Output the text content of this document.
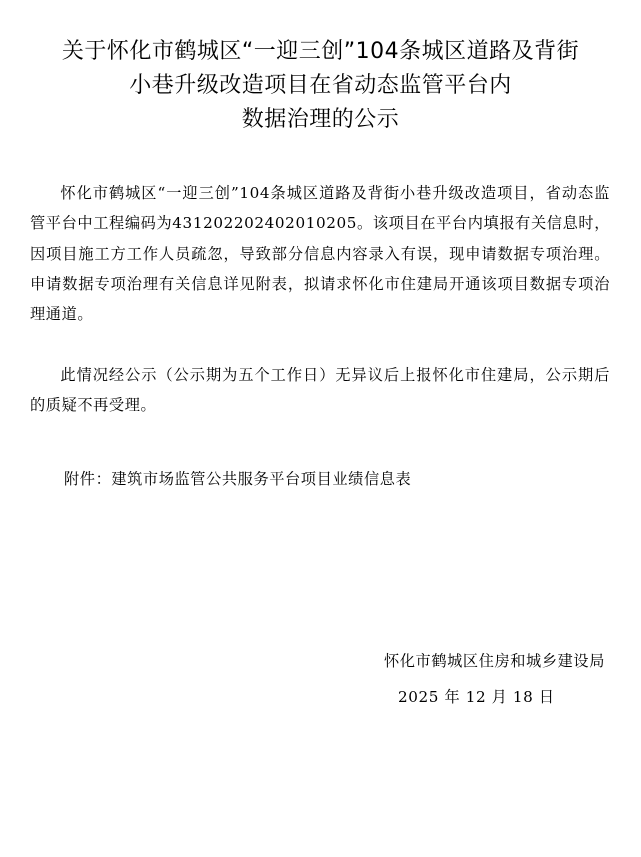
关于怀化市鹤城区“一迎三创”104条城区道路及背街
小巷升级改造项目在省动态监管平台内
数据治理的公示

怀化市鹤城区“一迎三创”104条城区道路及背街小巷升级改造项目，省动态监管平台中工程编码为431202202402010205。该项目在平台内填报有关信息时，因项目施工方工作人员疏忽，导致部分信息内容录入有误，现申请数据专项治理。申请数据专项治理有关信息详见附表，拟请求怀化市住建局开通该项目数据专项治理通道。

此情况经公示（公示期为五个工作日）无异议后上报怀化市住建局，公示期后的质疑不再受理。

附件：建筑市场监管公共服务平台项目业绩信息表
怀化市鹤城区住房和城乡建设局
2025 年 12 月 18 日
